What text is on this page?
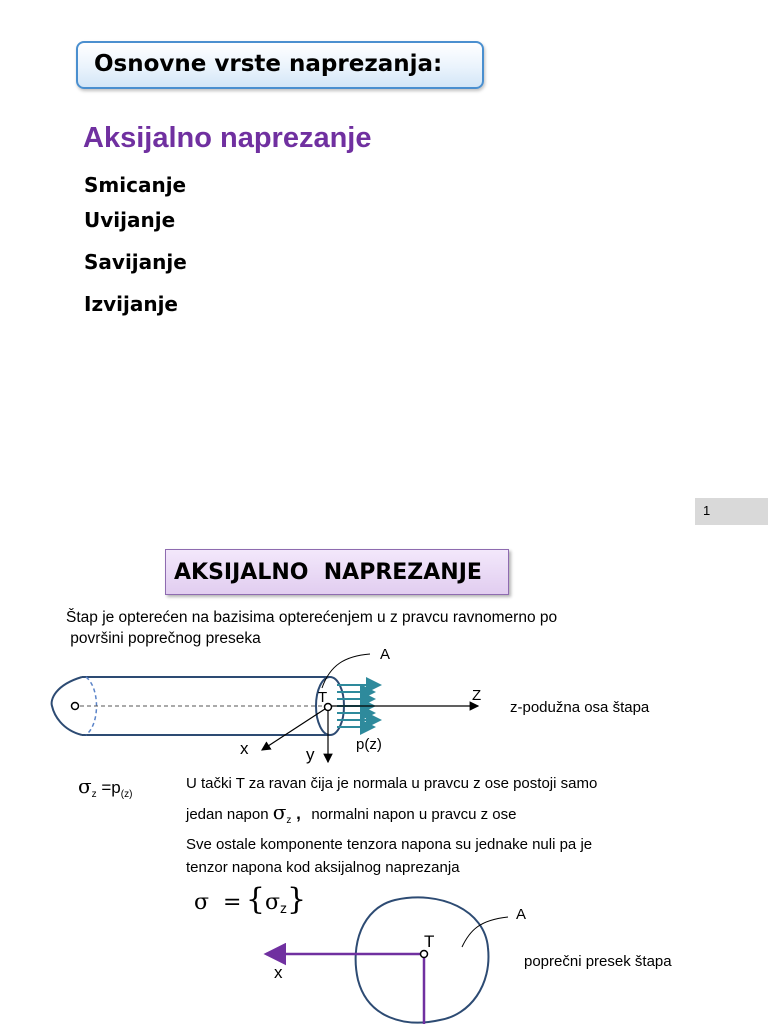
Osnovne vrste naprezanja:
Aksijalno naprezanje
Smicanje
Uvijanje
Savijanje
Izvijanje
1
AKSIJALNO  NAPREZANJE
Štap je opterećen na bazisima opterećenjem u z pravcu ravnomerno po
površini poprečnog preseka
A
T	Z
z-podužna osa štapa
x	y
p(z)
$\sigma_z =p_{(z)}$
U tački T za ravan čija je normala u pravcu z ose postoji samo
jedan napon $\sigma_z$ , normalni napon u pravcu z ose
Sve ostale komponente tenzora napona su jednake nuli pa je
tenzor napona kod aksijalnog naprezanja
$\sigma = \{\sigma_z\}$	A
T
x
poprečni presek štapa
